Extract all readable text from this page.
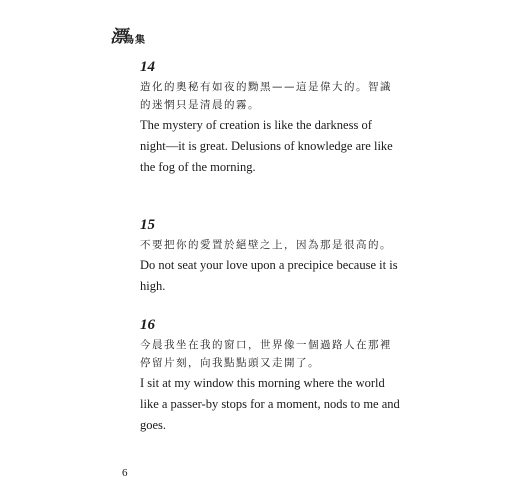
漂
鳥集
14

造化的奧秘有如夜的黝黑——這是偉大的。智識的迷惘只是清晨的霧。

The mystery of creation is like the darkness of night—it is great. Delusions of knowledge are like the fog of the morning.

15

不要把你的愛置於絕壁之上，因為那是很高的。

Do not seat your love upon a precipice because it is high.

16

今晨我坐在我的窗口，世界像一個過路人在那裡停留片刻，向我點點頭又走開了。

I sit at my window this morning where the world like a passer-by stops for a moment, nods to me and goes.

6
